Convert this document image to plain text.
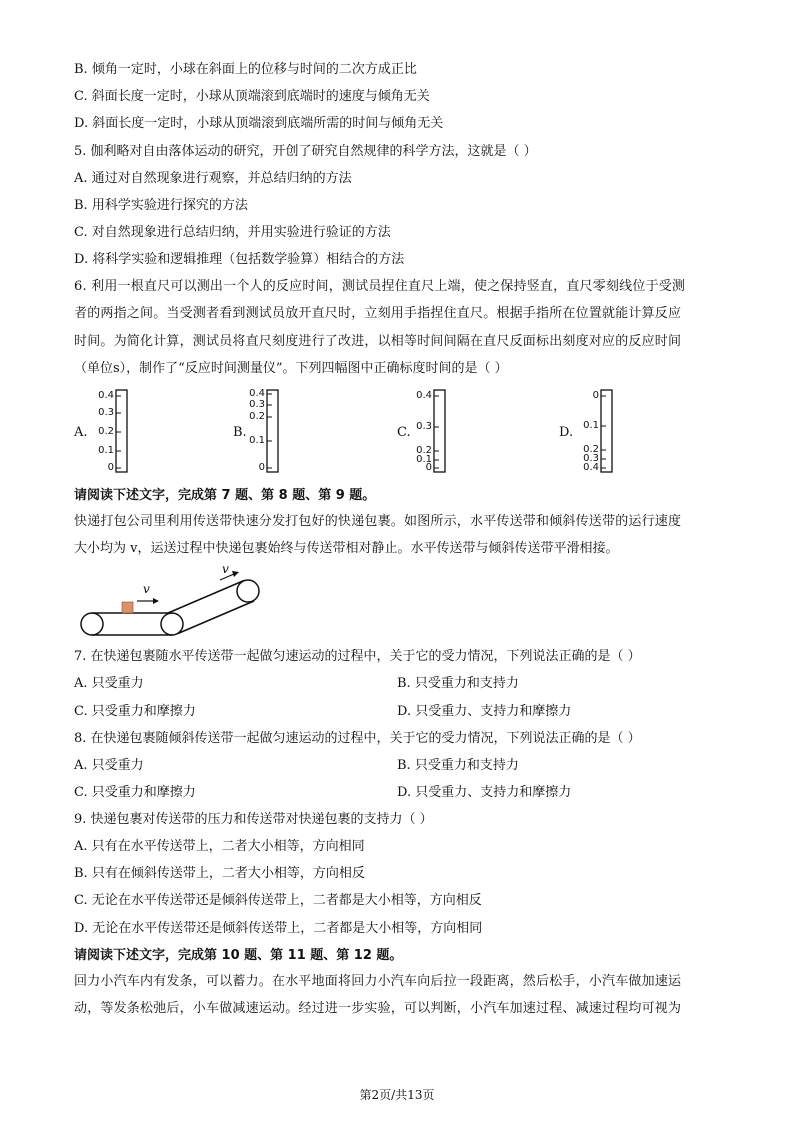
B. 倾角一定时，小球在斜面上的位移与时间的二次方成正比
C. 斜面长度一定时，小球从顶端滚到底端时的速度与倾角无关
D. 斜面长度一定时，小球从顶端滚到底端所需的时间与倾角无关
5. 伽利略对自由落体运动的研究，开创了研究自然规律的科学方法，这就是（ ）
A. 通过对自然现象进行观察，并总结归纳的方法
B. 用科学实验进行探究的方法
C. 对自然现象进行总结归纳，并用实验进行验证的方法
D. 将科学实验和逻辑推理（包括数学验算）相结合的方法
6. 利用一根直尺可以测出一个人的反应时间，测试员捏住直尺上端，使之保持竖直，直尺零刻线位于受测
者的两指之间。当受测者看到测试员放开直尺时，立刻用手指捏住直尺。根据手指所在位置就能计算反应
时间。为简化计算，测试员将直尺刻度进行了改进，以相等时间间隔在直尺反面标出刻度对应的反应时间
（单位s），制作了“反应时间测量仪”。下列四幅图中正确标度时间的是（ ）
A.
0.4
0.3
0.2
0.1
0
B.
0.4
0.3
0.2
0.1
0
C.
0.4
0.3
0.2
0.1
0
D.
0
0.1
0.2
0.3
0.4
请阅读下述文字，完成第 7 题、第 8 题、第 9 题。
快递打包公司里利用传送带快速分发打包好的快递包裹。如图所示，水平传送带和倾斜传送带的运行速度
大小均为 v，运送过程中快递包裹始终与传送带相对静止。水平传送带与倾斜传送带平滑相接。
v
v
7. 在快递包裹随水平传送带一起做匀速运动的过程中，关于它的受力情况，下列说法正确的是（ ）
A. 只受重力	B. 只受重力和支持力
C. 只受重力和摩擦力	D. 只受重力、支持力和摩擦力
8. 在快递包裹随倾斜传送带一起做匀速运动的过程中，关于它的受力情况，下列说法正确的是（ ）
A. 只受重力	B. 只受重力和支持力
C. 只受重力和摩擦力	D. 只受重力、支持力和摩擦力
9. 快递包裹对传送带的压力和传送带对快递包裹的支持力（ ）
A. 只有在水平传送带上，二者大小相等，方向相同
B. 只有在倾斜传送带上，二者大小相等，方向相反
C. 无论在水平传送带还是倾斜传送带上，二者都是大小相等，方向相反
D. 无论在水平传送带还是倾斜传送带上，二者都是大小相等，方向相同
请阅读下述文字，完成第 10 题、第 11 题、第 12 题。
回力小汽车内有发条，可以蓄力。在水平地面将回力小汽车向后拉一段距离，然后松手，小汽车做加速运
动，等发条松弛后，小车做减速运动。经过进一步实验，可以判断，小汽车加速过程、减速过程均可视为
第2页/共13页
